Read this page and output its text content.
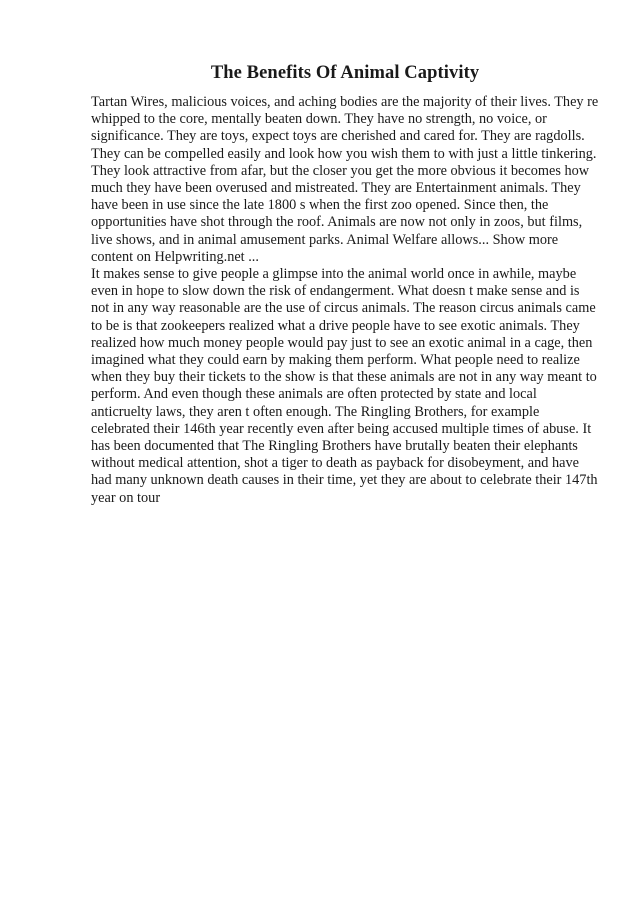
The Benefits Of Animal Captivity

Tartan Wires, malicious voices, and aching bodies are the majority of their lives. They re whipped to the core, mentally beaten down. They have no strength, no voice, or significance. They are toys, expect toys are cherished and cared for. They are ragdolls. They can be compelled easily and look how you wish them to with just a little tinkering. They look attractive from afar, but the closer you get the more obvious it becomes how much they have been overused and mistreated. They are Entertainment animals. They have been in use since the late 1800 s when the first zoo opened. Since then, the opportunities have shot through the roof. Animals are now not only in zoos, but films, live shows, and in animal amusement parks. Animal Welfare allows... Show more content on Helpwriting.net ...

It makes sense to give people a glimpse into the animal world once in awhile, maybe even in hope to slow down the risk of endangerment. What doesn t make sense and is not in any way reasonable are the use of circus animals. The reason circus animals came to be is that zookeepers realized what a drive people have to see exotic animals. They realized how much money people would pay just to see an exotic animal in a cage, then imagined what they could earn by making them perform. What people need to realize when they buy their tickets to the show is that these animals are not in any way meant to perform. And even though these animals are often protected by state and local anticruelty laws, they aren t often enough. The Ringling Brothers, for example celebrated their 146th year recently even after being accused multiple times of abuse. It has been documented that The Ringling Brothers have brutally beaten their elephants without medical attention, shot a tiger to death as payback for disobeyment, and have had many unknown death causes in their time, yet they are about to celebrate their 147th year on tour
